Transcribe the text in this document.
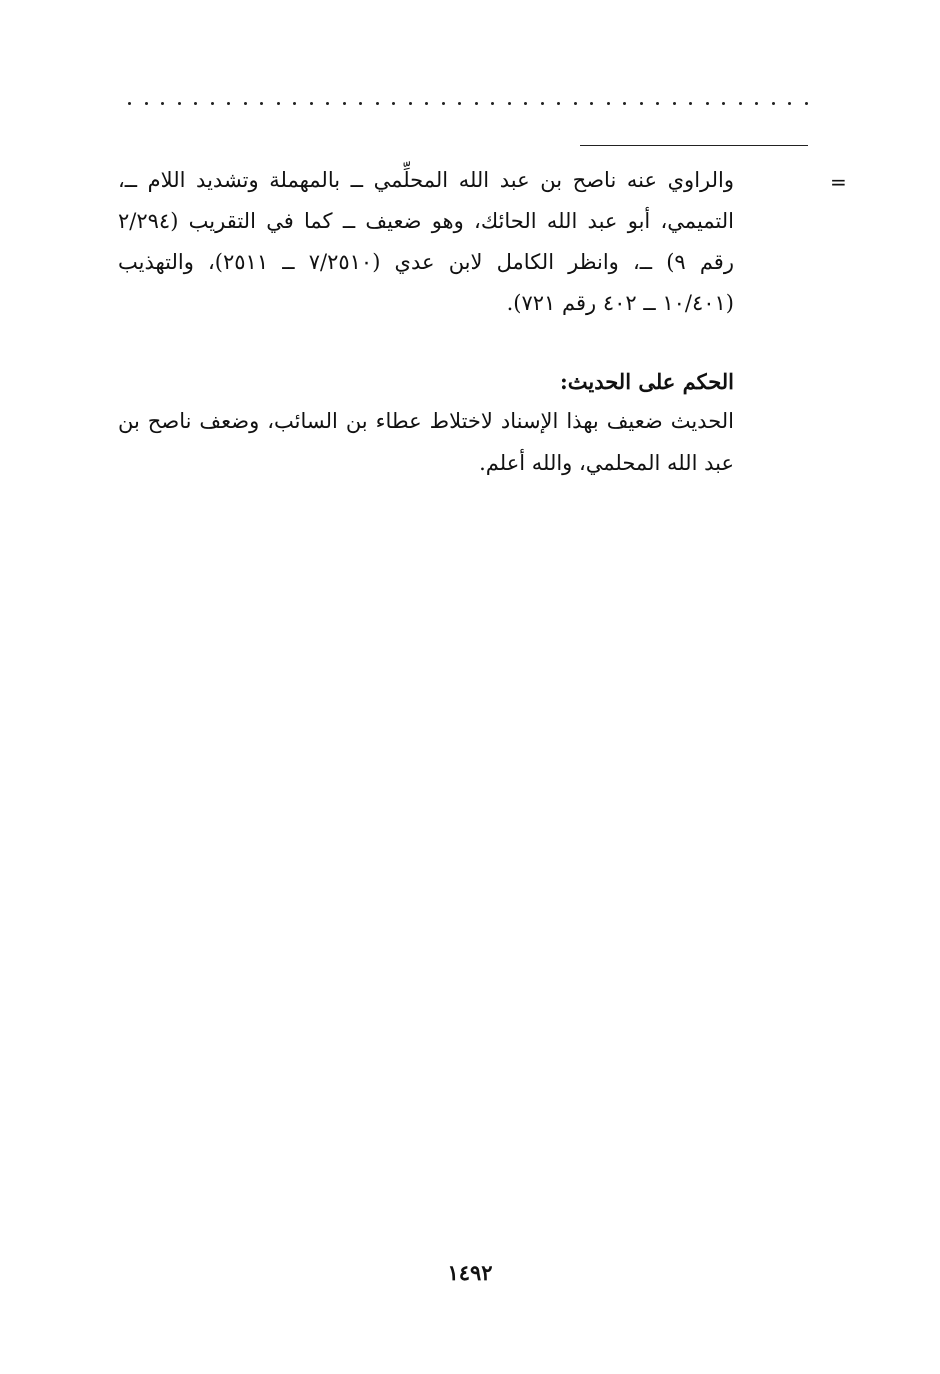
=
والراوي عنه ناصح بن عبد الله المحلِّمي ــ بالمهملة وتشديد اللام ــ، التميمي، أبو عبد الله الحائك، وهو ضعيف ــ كما في التقريب (٢/٢٩٤ رقم ٩) ــ، وانظر الكامل لابن عدي (٧/٢٥١٠ ــ ٢٥١١)، والتهذيب (١٠/٤٠١ ــ ٤٠٢ رقم ٧٢١).
الحكم على الحديث:
الحديث ضعيف بهذا الإسناد لاختلاط عطاء بن السائب، وضعف ناصح بن عبد الله المحلمي، والله أعلم.
١٤٩٢
